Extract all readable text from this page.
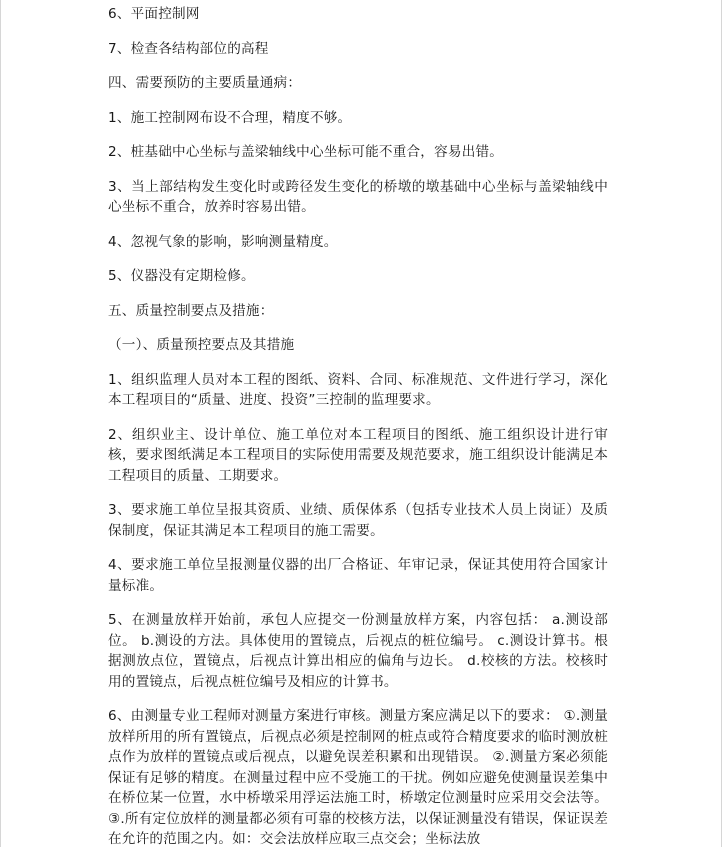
6、平面控制网

7、检查各结构部位的高程

四、需要预防的主要质量通病：

1、施工控制网布设不合理，精度不够。

2、桩基础中心坐标与盖梁轴线中心坐标可能不重合，容易出错。

3、当上部结构发生变化时或跨径发生变化的桥墩的墩基础中心坐标与盖梁轴线中心坐标不重合，放养时容易出错。

4、忽视气象的影响，影响测量精度。

5、仪器没有定期检修。

五、质量控制要点及措施：

（一）、质量预控要点及其措施

1、组织监理人员对本工程的图纸、资料、合同、标准规范、文件进行学习，深化本工程项目的“质量、进度、投资”三控制的监理要求。

2、组织业主、设计单位、施工单位对本工程项目的图纸、施工组织设计进行审核，要求图纸满足本工程项目的实际使用需要及规范要求，施工组织设计能满足本工程项目的质量、工期要求。

3、要求施工单位呈报其资质、业绩、质保体系（包括专业技术人员上岗证）及质保制度，保证其满足本工程项目的施工需要。

4、要求施工单位呈报测量仪器的出厂合格证、年审记录，保证其使用符合国家计量标准。

5、在测量放样开始前，承包人应提交一份测量放样方案，内容包括： a.测设部位。 b.测设的方法。具体使用的置镜点，后视点的桩位编号。 c.测设计算书。根据测放点位，置镜点，后视点计算出相应的偏角与边长。 d.校核的方法。校核时用的置镜点，后视点桩位编号及相应的计算书。

6、由测量专业工程师对测量方案进行审核。测量方案应满足以下的要求： ①.测量放样所用的所有置镜点，后视点必须是控制网的桩点或符合精度要求的临时测放桩点作为放样的置镜点或后视点，以避免误差积累和出现错误。 ②.测量方案必须能保证有足够的精度。在测量过程中应不受施工的干扰。例如应避免使测量误差集中在桥位某一位置，水中桥墩采用浮运法施工时，桥墩定位测量时应采用交会法等。 ③.所有定位放样的测量都必须有可靠的校核方法，以保证测量没有错误，保证误差在允许的范围之内。如：交会法放样应取三点交会；坐标法放
